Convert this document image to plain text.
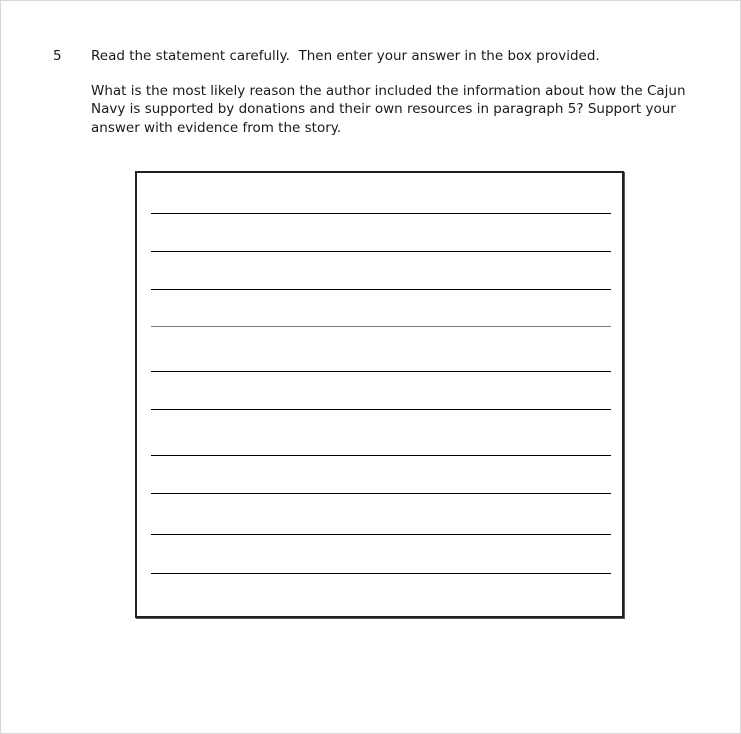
5	Read the statement carefully.  Then enter your answer in the box provided.
What is the most likely reason the author included the information about how the Cajun Navy is supported by donations and their own resources in paragraph 5? Support your answer with evidence from the story.
